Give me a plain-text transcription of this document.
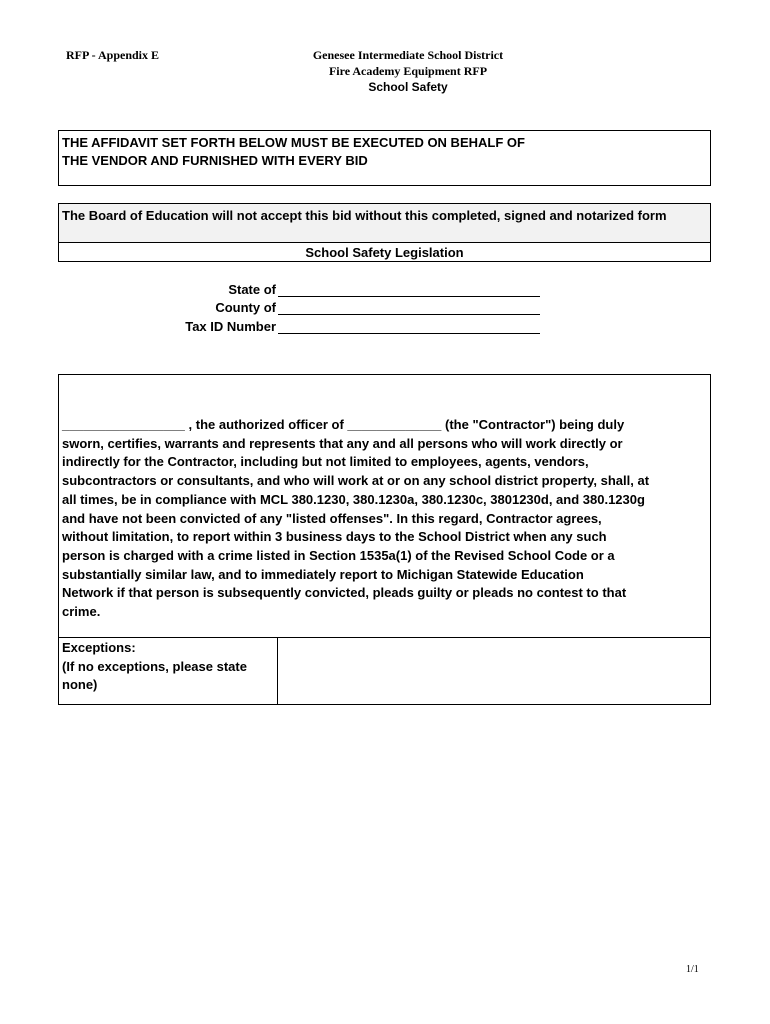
RFP - Appendix E	Genesee Intermediate School District
Fire Academy Equipment RFP
School Safety
THE AFFIDAVIT SET FORTH BELOW MUST BE EXECUTED ON BEHALF OF
THE VENDOR AND FURNISHED WITH EVERY BID
The Board of Education will not accept this bid without this completed, signed and notarized form
School Safety Legislation
State of
County of
Tax ID Number
_________________ , the authorized officer of _____________ (the "Contractor") being duly
sworn, certifies, warrants and represents that any and all persons who will work directly or
indirectly for the Contractor, including but not limited to employees, agents, vendors,
subcontractors or consultants, and who will work at or on any school district property, shall, at
all times, be in compliance with MCL 380.1230, 380.1230a, 380.1230c, 3801230d, and 380.1230g
and have not been convicted of any "listed offenses". In this regard, Contractor agrees,
without limitation, to report within 3 business days to the School District when any such
person is charged with a crime listed in Section 1535a(1) of the Revised School Code or a
substantially similar law, and to immediately report to Michigan Statewide Education
Network if that person is subsequently convicted, pleads guilty or pleads no contest to that
crime.
Exceptions:
(If no exceptions, please state
none)
1/1
